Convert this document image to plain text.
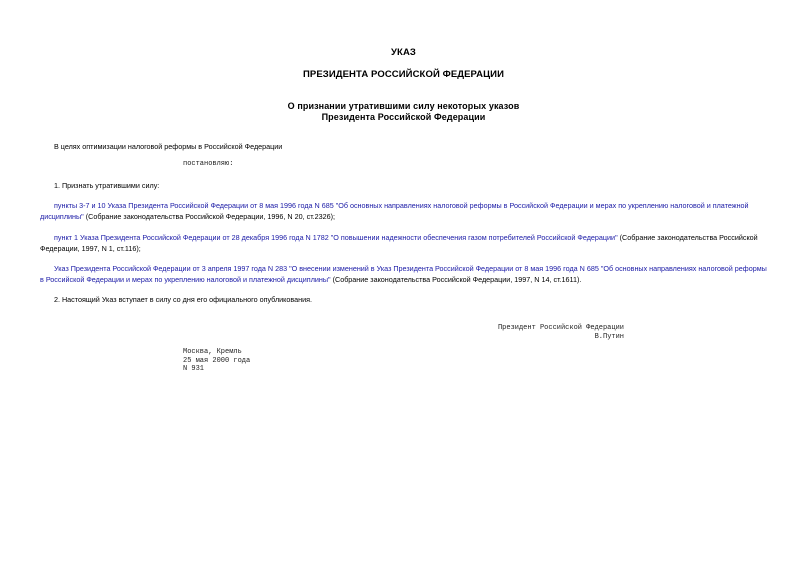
УКАЗ
ПРЕЗИДЕНТА РОССИЙСКОЙ ФЕДЕРАЦИИ
О признании утратившими силу некоторых указов
Президента Российской Федерации
В целях оптимизации налоговой реформы в Российской Федерации
постановляю:
1. Признать утратившими силу:
пункты 3-7 и 10 Указа Президента Российской Федерации от 8 мая 1996 года N 685 "Об основных направлениях налоговой реформы в Российской Федерации и мерах по укреплению налоговой и платежной дисциплины" (Собрание законодательства Российской Федерации, 1996, N 20, ст.2326);
пункт 1 Указа Президента Российской Федерации от 28 декабря 1996 года N 1782 "О повышении надежности обеспечения газом потребителей Российской Федерации" (Собрание законодательства Российской Федерации, 1997, N 1, ст.116);
Указ Президента Российской Федерации от 3 апреля 1997 года N 283 "О внесении изменений в Указ Президента Российской Федерации от 8 мая 1996 года N 685 "Об основных направлениях налоговой реформы в Российской Федерации и мерах по укреплению налоговой и платежной дисциплины" (Собрание законодательства Российской Федерации, 1997, N 14, ст.1611).
2. Настоящий Указ вступает в силу со дня его официального опубликования.
Президент Российской Федерации
В.Путин
Москва, Кремль
25 мая 2000 года
N 931
